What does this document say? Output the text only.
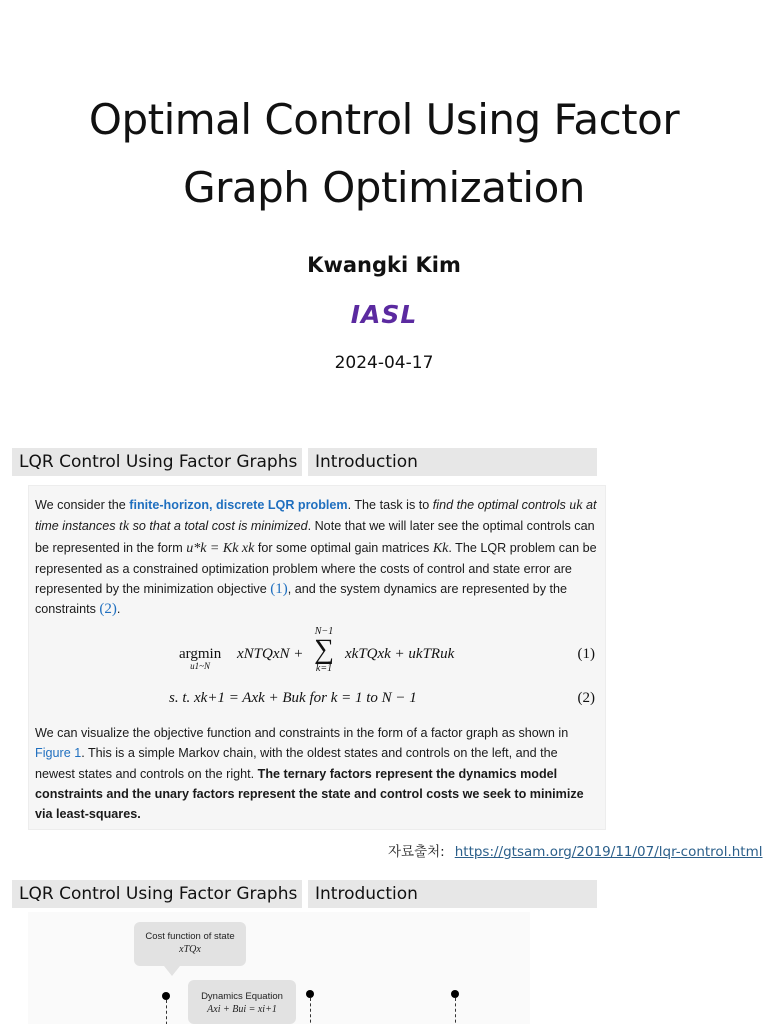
Optimal Control Using Factor
Graph Optimization
Kwangki Kim
IASL
2024-04-17
LQR Control Using Factor Graphs	Introduction
We consider the finite-horizon, discrete LQR problem. The task is to find the optimal controls uk at time instances tk so that a total cost is minimized. Note that we will later see the optimal controls can be represented in the form u*k = Kk xk for some optimal gain matrices Kk. The LQR problem can be represented as a constrained optimization problem where the costs of control and state error are represented by the minimization objective (1), and the system dynamics are represented by the constraints (2).
argmin
u1~N
xNTQxN +
N−1
∑
k=1
xkTQxk + ukTRuk	(1)
s. t. xk+1 = Axk + Buk for k = 1 to N − 1	(2)
We can visualize the objective function and constraints in the form of a factor graph as shown in Figure 1. This is a simple Markov chain, with the oldest states and controls on the left, and the newest states and controls on the right. The ternary factors represent the dynamics model constraints and the unary factors represent the state and control costs we seek to minimize via least-squares.
자료출처: https://gtsam.org/2019/11/07/lqr-control.html
LQR Control Using Factor Graphs	Introduction
Cost function of state
xTQx
Dynamics Equation
Axi + Bui = xi+1
